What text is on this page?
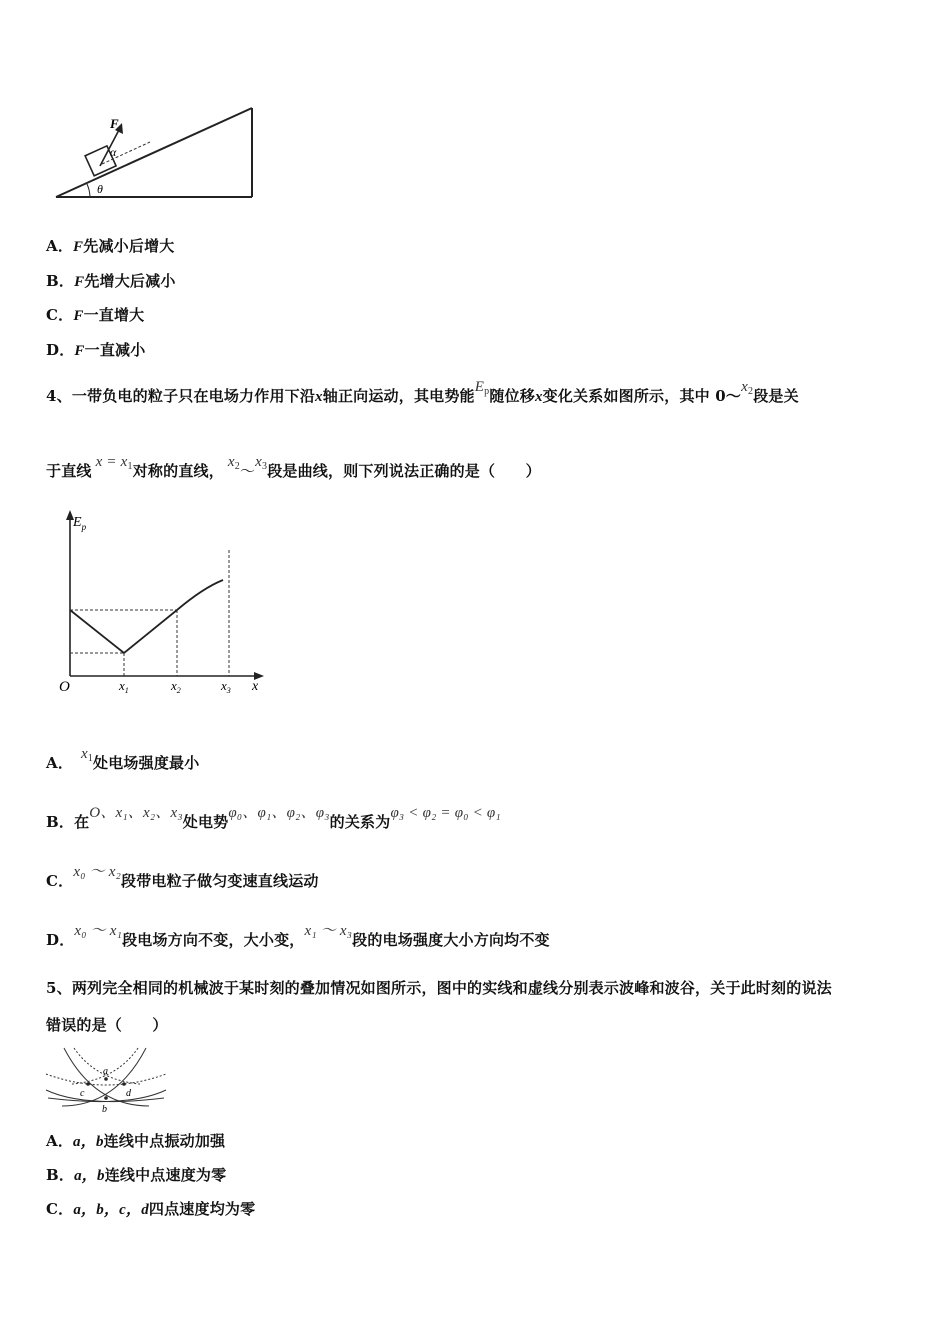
F
α
θ
A．F先减小后增大
B．F先增大后减小
C．F一直增大
D．F一直减小
4、一带负电的粒子只在电场力作用下沿x轴正向运动，其电势能$E_p$随位移x变化关系如图所示，其中 $0\sim x_2$段是关
于直线 $x = x_1$对称的直线， $x_2\sim x_3$段是曲线，则下列说法正确的是（　　）
$E_p$
O	x
$x_1$	$x_2$	$x_3$
A． $x_1$处电场强度最小
B．在O、x₁、x₂、x₃处电势φ₀、φ₁、φ₂、φ₃的关系为φ₃ < φ₂ = φ₀ < φ₁
C．x₀ ～ x₂段带电粒子做匀变速直线运动
D．x₀ ～ x₁段电场方向不变，大小变，x₁ ～ x₃段的电场强度大小方向均不变
5、两列完全相同的机械波于某时刻的叠加情况如图所示，图中的实线和虚线分别表示波峰和波谷，关于此时刻的说法
错误的是（　　）
a
b
c	d
A．a，b连线中点振动加强
B．a，b连线中点速度为零
C．a，b，c，d四点速度均为零
